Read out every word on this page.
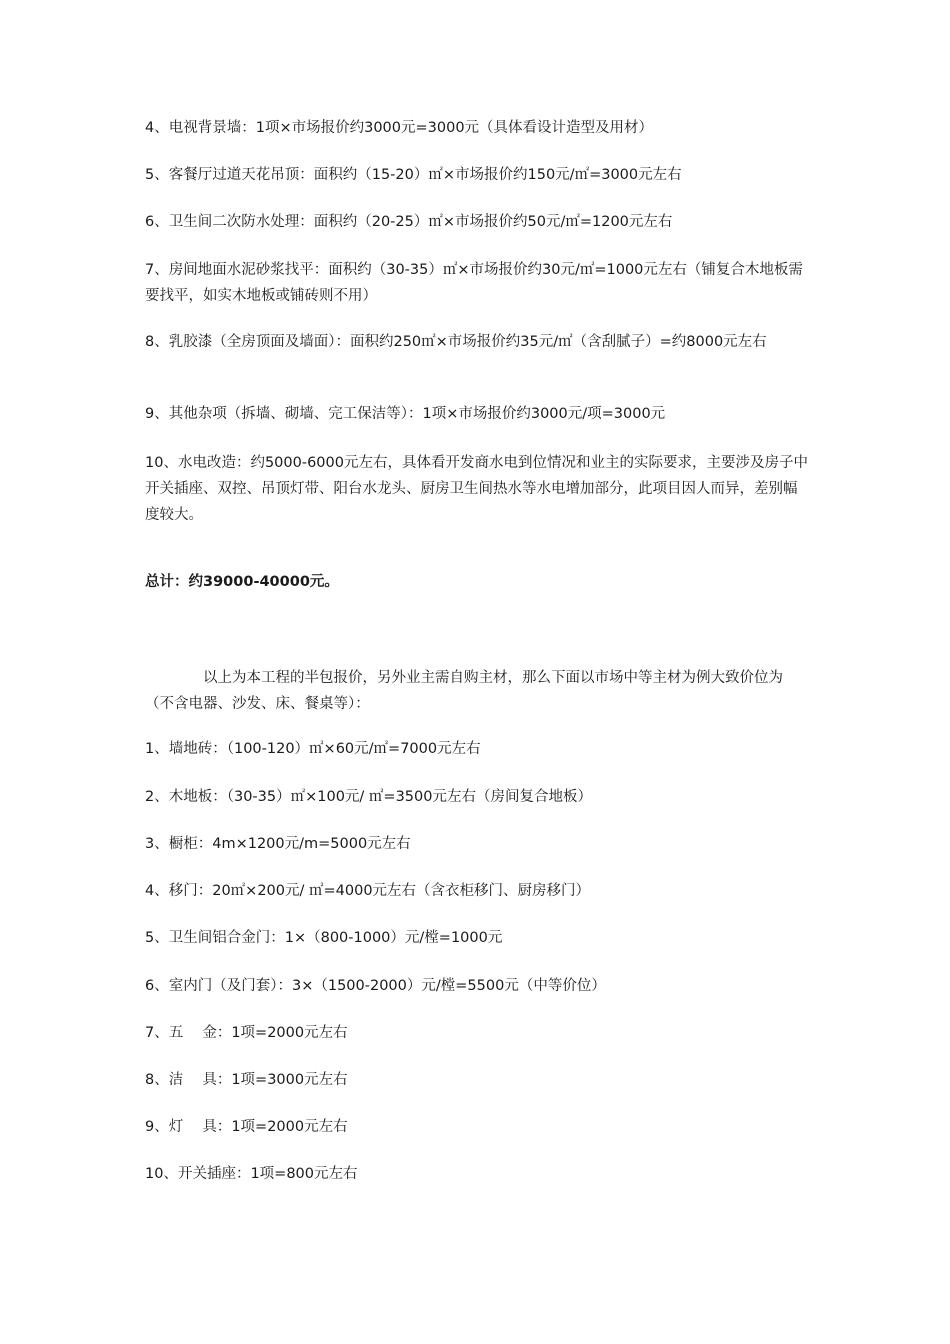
4、电视背景墙：1项×市场报价约3000元=3000元（具体看设计造型及用材）

5、客餐厅过道天花吊顶：面积约（15-20）㎡×市场报价约150元/㎡=3000元左右

6、卫生间二次防水处理：面积约（20-25）㎡×市场报价约50元/㎡=1200元左右

7、房间地面水泥砂浆找平：面积约（30-35）㎡×市场报价约30元/㎡=1000元左右（铺复合木地板需要找平，如实木地板或铺砖则不用）

8、乳胶漆（全房顶面及墙面）：面积约250㎡×市场报价约35元/㎡（含刮腻子）=约8000元左右

9、其他杂项（拆墙、砌墙、完工保洁等）：1项×市场报价约3000元/项=3000元

10、水电改造：约5000-6000元左右，具体看开发商水电到位情况和业主的实际要求，主要涉及房子中开关插座、双控、吊顶灯带、阳台水龙头、厨房卫生间热水等水电增加部分，此项目因人而异，差别幅度较大。

总计：约39000-40000元。

以上为本工程的半包报价，另外业主需自购主材，那么下面以市场中等主材为例大致价位为（不含电器、沙发、床、餐桌等）：

1、墙地砖：（100-120）㎡×60元/㎡=7000元左右

2、木地板：（30-35）㎡×100元/ ㎡=3500元左右（房间复合地板）

3、橱柜：4m×1200元/m=5000元左右

4、移门：20㎡×200元/ ㎡=4000元左右（含衣柜移门、厨房移门）

5、卫生间铝合金门：1×（800-1000）元/樘=1000元

6、室内门（及门套）：3×（1500-2000）元/樘=5500元（中等价位）

7、五　 金：1项=2000元左右

8、洁　 具：1项=3000元左右

9、灯　 具：1项=2000元左右

10、开关插座：1项=800元左右
